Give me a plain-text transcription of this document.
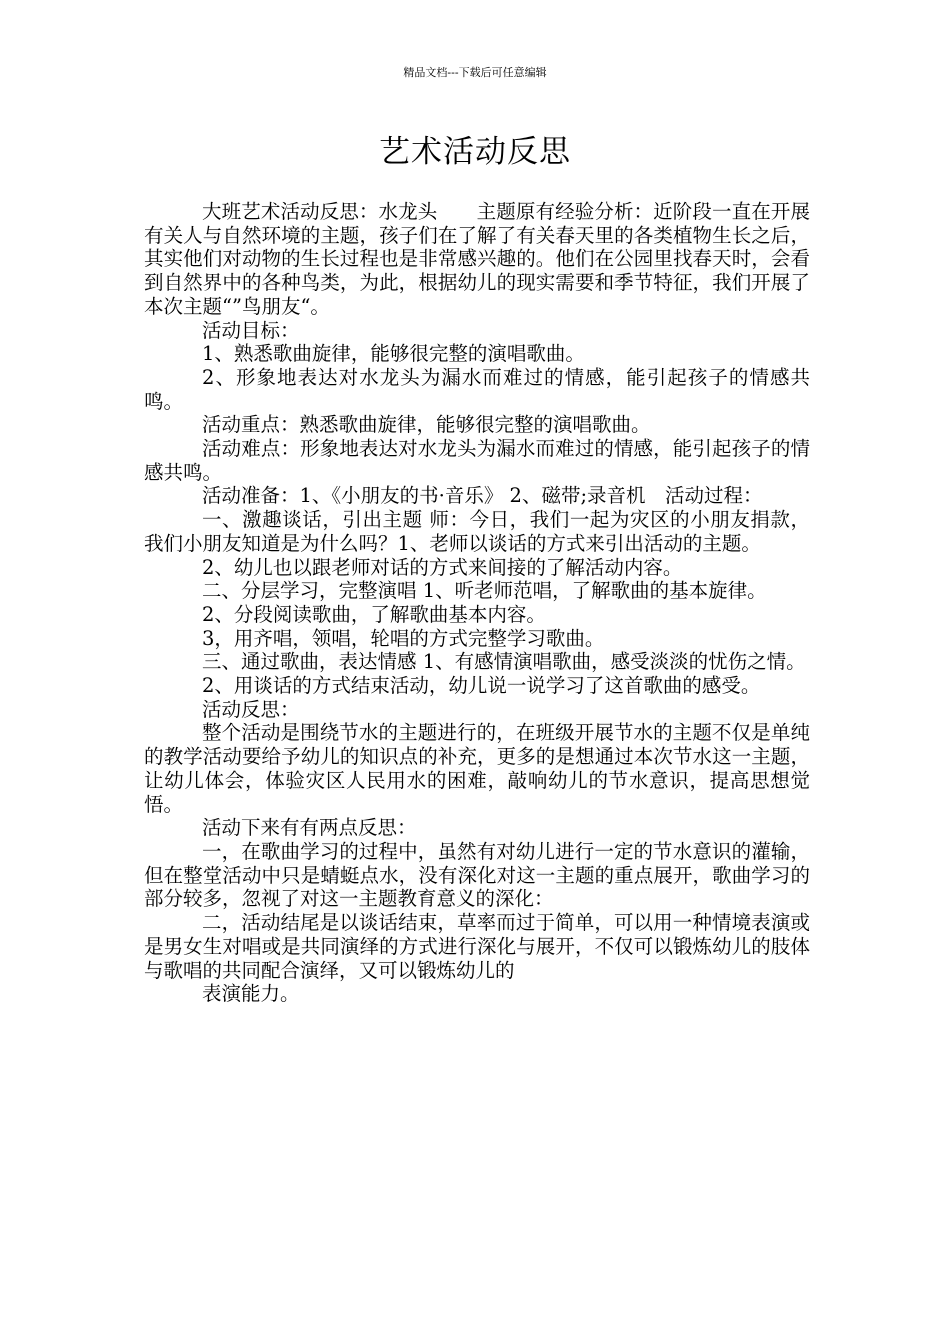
精品文档---下载后可任意编辑
艺术活动反思

大班艺术活动反思：水龙头　　主题原有经验分析：近阶段一直在开展有关人与自然环境的主题，孩子们在了解了有关春天里的各类植物生长之后，其实他们对动物的生长过程也是非常感兴趣的。他们在公园里找春天时，会看到自然界中的各种鸟类，为此，根据幼儿的现实需要和季节特征，我们开展了本次主题“”鸟朋友“。

活动目标：

1、熟悉歌曲旋律，能够很完整的演唱歌曲。

2、形象地表达对水龙头为漏水而难过的情感，能引起孩子的情感共鸣。

活动重点：熟悉歌曲旋律，能够很完整的演唱歌曲。

活动难点：形象地表达对水龙头为漏水而难过的情感，能引起孩子的情感共鸣。

活动准备：1、《小朋友的书·音乐》 2、磁带;录音机　活动过程：

一、激趣谈话，引出主题 师：今日，我们一起为灾区的小朋友捐款，我们小朋友知道是为什么吗？1、老师以谈话的方式来引出活动的主题。

2、幼儿也以跟老师对话的方式来间接的了解活动内容。

二、分层学习，完整演唱 1、听老师范唱，了解歌曲的基本旋律。

2、分段阅读歌曲，了解歌曲基本内容。

3，用齐唱，领唱，轮唱的方式完整学习歌曲。

三、通过歌曲，表达情感 1、有感情演唱歌曲，感受淡淡的忧伤之情。

2、用谈话的方式结束活动，幼儿说一说学习了这首歌曲的感受。

活动反思：

整个活动是围绕节水的主题进行的，在班级开展节水的主题不仅是单纯的教学活动要给予幼儿的知识点的补充，更多的是想通过本次节水这一主题，让幼儿体会，体验灾区人民用水的困难，敲响幼儿的节水意识，提高思想觉悟。

活动下来有有两点反思：

一，在歌曲学习的过程中，虽然有对幼儿进行一定的节水意识的灌输，但在整堂活动中只是蜻蜓点水，没有深化对这一主题的重点展开，歌曲学习的部分较多，忽视了对这一主题教育意义的深化：

二，活动结尾是以谈话结束，草率而过于简单，可以用一种情境表演或是男女生对唱或是共同演绎的方式进行深化与展开，不仅可以锻炼幼儿的肢体与歌唱的共同配合演绎，又可以锻炼幼儿的

表演能力。
